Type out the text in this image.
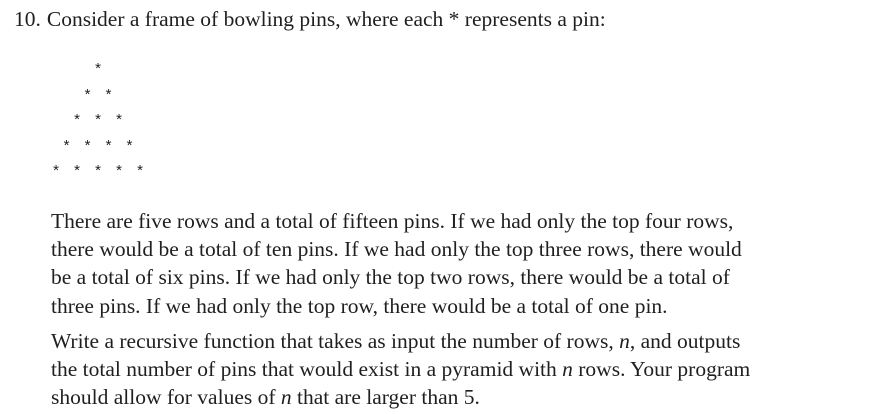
10. Consider a frame of bowling pins, where each * represents a pin:
*
* *
* * *
* * * *
* * * * *
There are five rows and a total of fifteen pins. If we had only the top four rows,
there would be a total of ten pins. If we had only the top three rows, there would
be a total of six pins. If we had only the top two rows, there would be a total of
three pins. If we had only the top row, there would be a total of one pin.
Write a recursive function that takes as input the number of rows, n, and outputs
the total number of pins that would exist in a pyramid with n rows. Your program
should allow for values of n that are larger than 5.
